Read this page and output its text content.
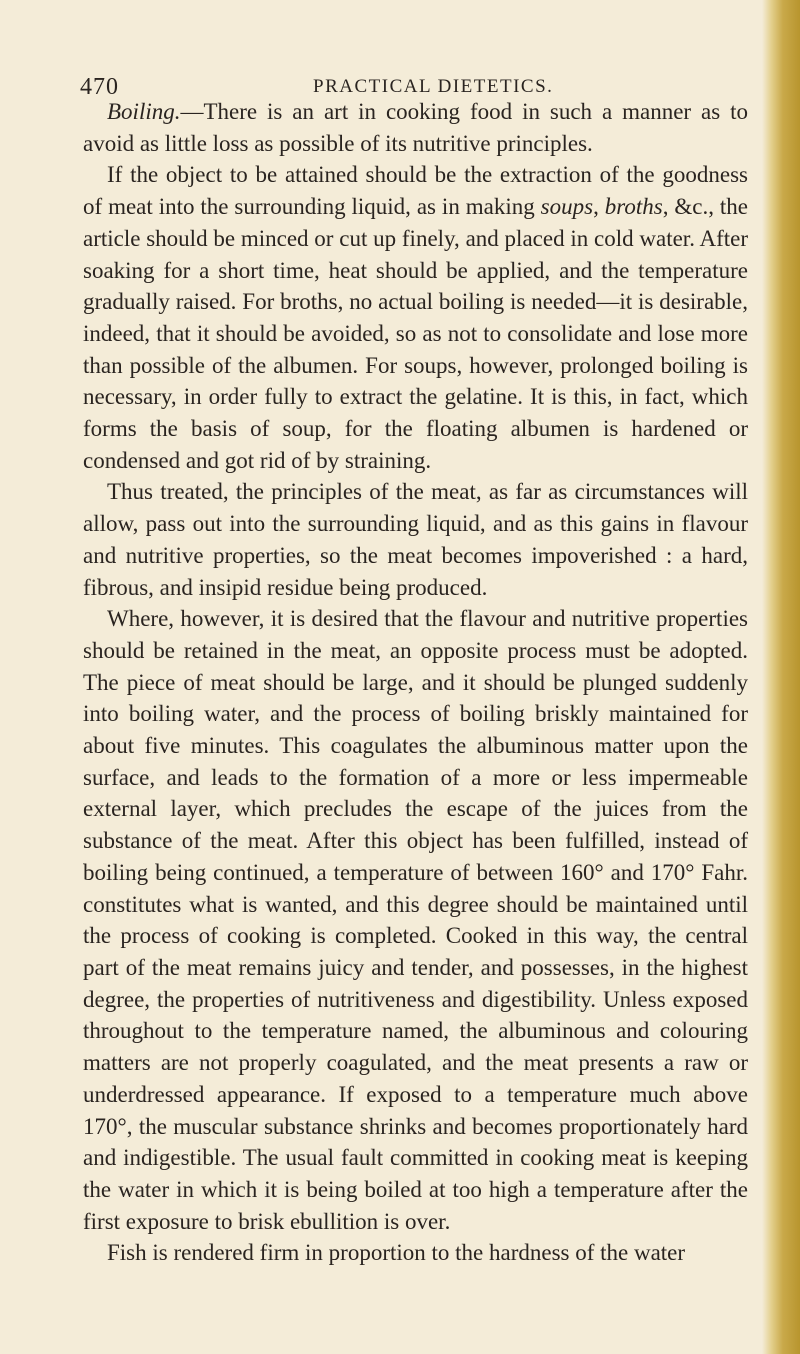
470	PRACTICAL DIETETICS.

Boiling.—There is an art in cooking food in such a manner as to avoid as little loss as possible of its nutritive principles.

If the object to be attained should be the extraction of the goodness of meat into the surrounding liquid, as in making soups, broths, &c., the article should be minced or cut up finely, and placed in cold water. After soaking for a short time, heat should be applied, and the temperature gradually raised. For broths, no actual boiling is needed—it is desirable, indeed, that it should be avoided, so as not to consolidate and lose more than possible of the albumen. For soups, however, prolonged boiling is necessary, in order fully to extract the gelatine. It is this, in fact, which forms the basis of soup, for the floating albumen is hardened or condensed and got rid of by straining.

Thus treated, the principles of the meat, as far as circumstances will allow, pass out into the surrounding liquid, and as this gains in flavour and nutritive properties, so the meat becomes impoverished : a hard, fibrous, and insipid residue being produced.

Where, however, it is desired that the flavour and nutritive properties should be retained in the meat, an opposite process must be adopted. The piece of meat should be large, and it should be plunged suddenly into boiling water, and the process of boiling briskly maintained for about five minutes. This coagulates the albuminous matter upon the surface, and leads to the formation of a more or less impermeable external layer, which precludes the escape of the juices from the substance of the meat. After this object has been fulfilled, instead of boiling being continued, a temperature of between 160° and 170° Fahr. constitutes what is wanted, and this degree should be maintained until the process of cooking is completed. Cooked in this way, the central part of the meat remains juicy and tender, and possesses, in the highest degree, the properties of nutritiveness and digestibility. Unless exposed throughout to the temperature named, the albuminous and colouring matters are not properly coagulated, and the meat presents a raw or underdressed appearance. If exposed to a temperature much above 170°, the muscular substance shrinks and becomes proportionately hard and indigestible. The usual fault committed in cooking meat is keeping the water in which it is being boiled at too high a temperature after the first exposure to brisk ebullition is over.

Fish is rendered firm in proportion to the hardness of the water
